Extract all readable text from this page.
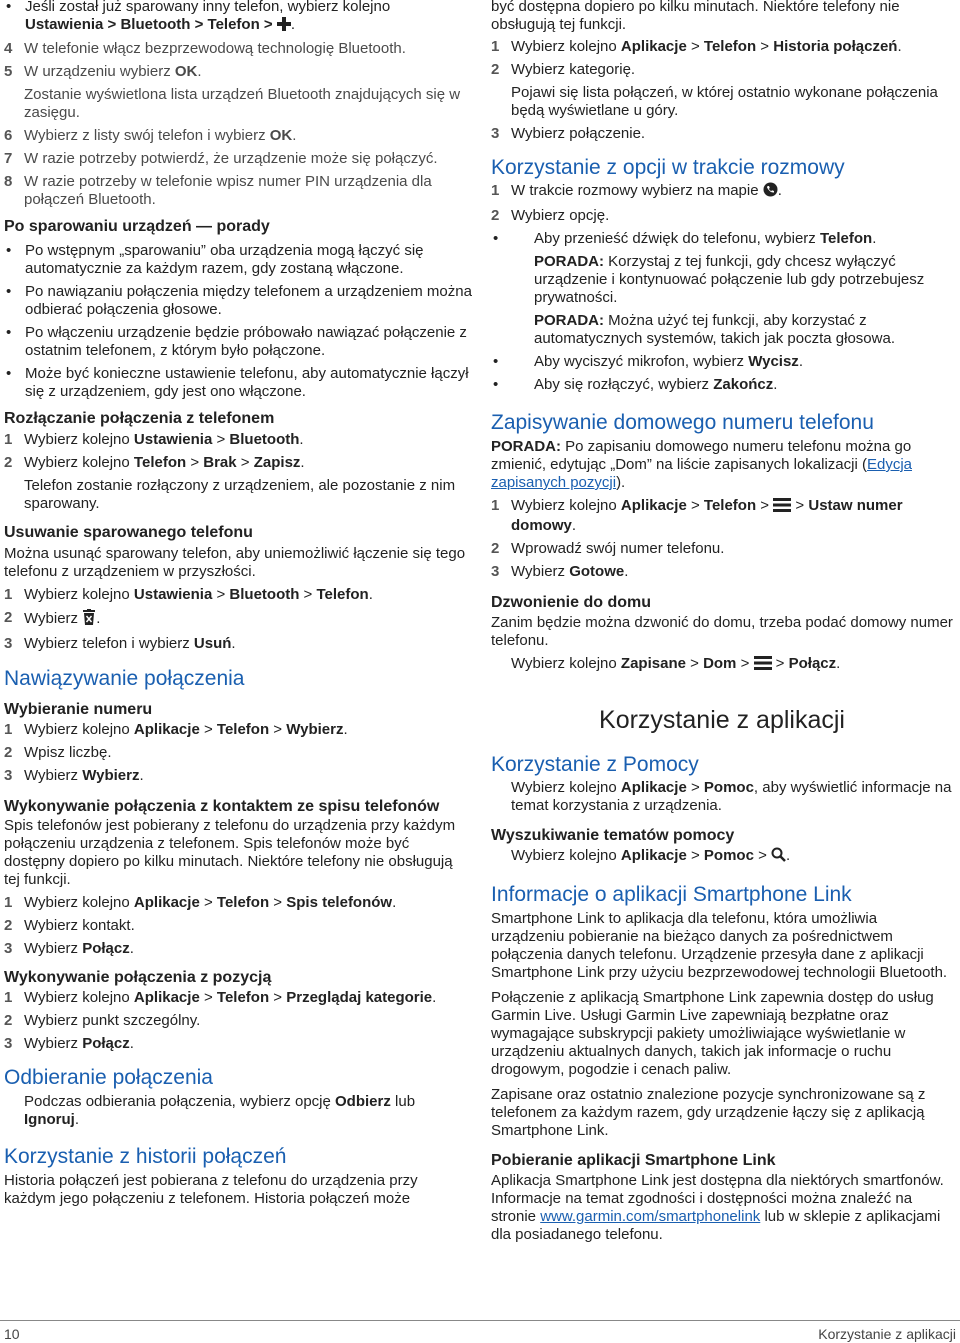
• Jeśli został już sparowany inny telefon, wybierz kolejno
Ustawienia > Bluetooth > Telefon > .
4 W telefonie włącz bezprzewodową technologię Bluetooth.
5 W urządzeniu wybierz OK.
Zostanie wyświetlona lista urządzeń Bluetooth znajdujących się w zasięgu.
6 Wybierz z listy swój telefon i wybierz OK.
7 W razie potrzeby potwierdź, że urządzenie może się połączyć.
8 W razie potrzeby w telefonie wpisz numer PIN urządzenia dla połączeń Bluetooth.
Po sparowaniu urządzeń — porady
• Po wstępnym „sparowaniu” oba urządzenia mogą łączyć się automatycznie za każdym razem, gdy zostaną włączone.
• Po nawiązaniu połączenia między telefonem a urządzeniem można odbierać połączenia głosowe.
• Po włączeniu urządzenie będzie próbowało nawiązać połączenie z ostatnim telefonem, z którym było połączone.
• Może być konieczne ustawienie telefonu, aby automatycznie łączył się z urządzeniem, gdy jest ono włączone.
Rozłączanie połączenia z telefonem
1 Wybierz kolejno Ustawienia > Bluetooth.
2 Wybierz kolejno Telefon > Brak > Zapisz.
Telefon zostanie rozłączony z urządzeniem, ale pozostanie z nim sparowany.
Usuwanie sparowanego telefonu
Można usunąć sparowany telefon, aby uniemożliwić łączenie się tego telefonu z urządzeniem w przyszłości.
1 Wybierz kolejno Ustawienia > Bluetooth > Telefon.
2 Wybierz .
3 Wybierz telefon i wybierz Usuń.
Nawiązywanie połączenia
Wybieranie numeru
1 Wybierz kolejno Aplikacje > Telefon > Wybierz.
2 Wpisz liczbę.
3 Wybierz Wybierz.
Wykonywanie połączenia z kontaktem ze spisu telefonów
Spis telefonów jest pobierany z telefonu do urządzenia przy każdym połączeniu urządzenia z telefonem. Spis telefonów może być dostępny dopiero po kilku minutach. Niektóre telefony nie obsługują tej funkcji.
1 Wybierz kolejno Aplikacje > Telefon > Spis telefonów.
2 Wybierz kontakt.
3 Wybierz Połącz.
Wykonywanie połączenia z pozycją
1 Wybierz kolejno Aplikacje > Telefon > Przeglądaj kategorie.
2 Wybierz punkt szczególny.
3 Wybierz Połącz.
Odbieranie połączenia
Podczas odbierania połączenia, wybierz opcję Odbierz lub Ignoruj.
Korzystanie z historii połączeń
Historia połączeń jest pobierana z telefonu do urządzenia przy każdym jego połączeniu z telefonem. Historia połączeń może
być dostępna dopiero po kilku minutach. Niektóre telefony nie obsługują tej funkcji.
1 Wybierz kolejno Aplikacje > Telefon > Historia połączeń.
2 Wybierz kategorię.
Pojawi się lista połączeń, w której ostatnio wykonane połączenia będą wyświetlane u góry.
3 Wybierz połączenie.
Korzystanie z opcji w trakcie rozmowy
1 W trakcie rozmowy wybierz na mapie .
2 Wybierz opcję.
• Aby przenieść dźwięk do telefonu, wybierz Telefon.
PORADA: Korzystaj z tej funkcji, gdy chcesz wyłączyć urządzenie i kontynuować połączenie lub gdy potrzebujesz prywatności.
PORADA: Można użyć tej funkcji, aby korzystać z automatycznych systemów, takich jak poczta głosowa.
• Aby wyciszyć mikrofon, wybierz Wycisz.
• Aby się rozłączyć, wybierz Zakończ.
Zapisywanie domowego numeru telefonu
PORADA: Po zapisaniu domowego numeru telefonu można go zmienić, edytując „Dom” na liście zapisanych lokalizacji (Edycja zapisanych pozycji).
1 Wybierz kolejno Aplikacje > Telefon >  > Ustaw numer domowy.
2 Wprowadź swój numer telefonu.
3 Wybierz Gotowe.
Dzwonienie do domu
Zanim będzie można dzwonić do domu, trzeba podać domowy numer telefonu.
Wybierz kolejno Zapisane > Dom >  > Połącz.
Korzystanie z aplikacji
Korzystanie z Pomocy
Wybierz kolejno Aplikacje > Pomoc, aby wyświetlić informacje na temat korzystania z urządzenia.
Wyszukiwanie tematów pomocy
Wybierz kolejno Aplikacje > Pomoc > .
Informacje o aplikacji Smartphone Link
Smartphone Link to aplikacja dla telefonu, która umożliwia urządzeniu pobieranie na bieżąco danych za pośrednictwem połączenia danych telefonu. Urządzenie przesyła dane z aplikacji Smartphone Link przy użyciu bezprzewodowej technologii Bluetooth.
Połączenie z aplikacją Smartphone Link zapewnia dostęp do usług Garmin Live. Usługi Garmin Live zapewniają bezpłatne oraz wymagające subskrypcji pakiety umożliwiające wyświetlanie w urządzeniu aktualnych danych, takich jak informacje o ruchu drogowym, pogodzie i cenach paliw.
Zapisane oraz ostatnio znalezione pozycje synchronizowane są z telefonem za każdym razem, gdy urządzenie łączy się z aplikacją Smartphone Link.
Pobieranie aplikacji Smartphone Link
Aplikacja Smartphone Link jest dostępna dla niektórych smartfonów. Informacje na temat zgodności i dostępności można znaleźć na stronie www.garmin.com/smartphonelink lub w sklepie z aplikacjami dla posiadanego telefonu.
10	Korzystanie z aplikacji
